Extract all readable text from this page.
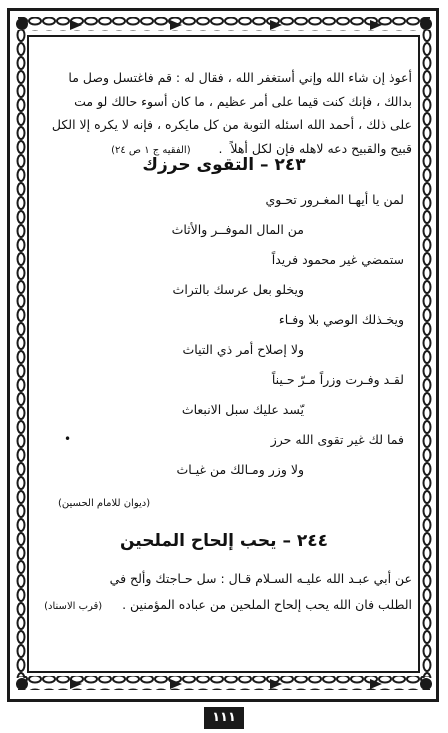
أعوذ إن شاء الله وإني أستغفر الله ، فقال له : قم فاغتسل وصل ما
بدالك ، فإنك كنت قيما على أمر عظيم ، ما كان أسوء حالك لو مت
على ذلك ، أحمد الله اسئله التوبة من كل مايكره ، فإنه لا يكره إلا الكل
قبيح والقبيح دعه لاهله فإن لكل أهلاً  .       (الفقيه ج ١ ص ٢٤)

٢٤٣ – التقوى حرزك
لمن يا أيهـا المغـرور تحـوي
من المال الموفــر والأثاث
ستمضي غير محمود فريداً
ويخلو بعل عرسك بالتراث
ويخـذلك الوصي بلا وفـاء
ولا إصلاح أمر ذي التياث
لقـد وفـرت وزراً مـرّ حـيناً
يّسد عليك سبل الانبعاث
فما لك غير تقوى الله حرز
•
ولا وزر ومـالك من غيـاث
(ديوان للامام الحسين)
٢٤٤ – يحب إلحاح الملحين
عن أبي عبـد الله عليـه السـلام قـال : سل حـاجتك وألح في
الطلب فان الله يحب إلحاح الملحين من عباده المؤمنين .     (قرب الاسناد)
١١١
